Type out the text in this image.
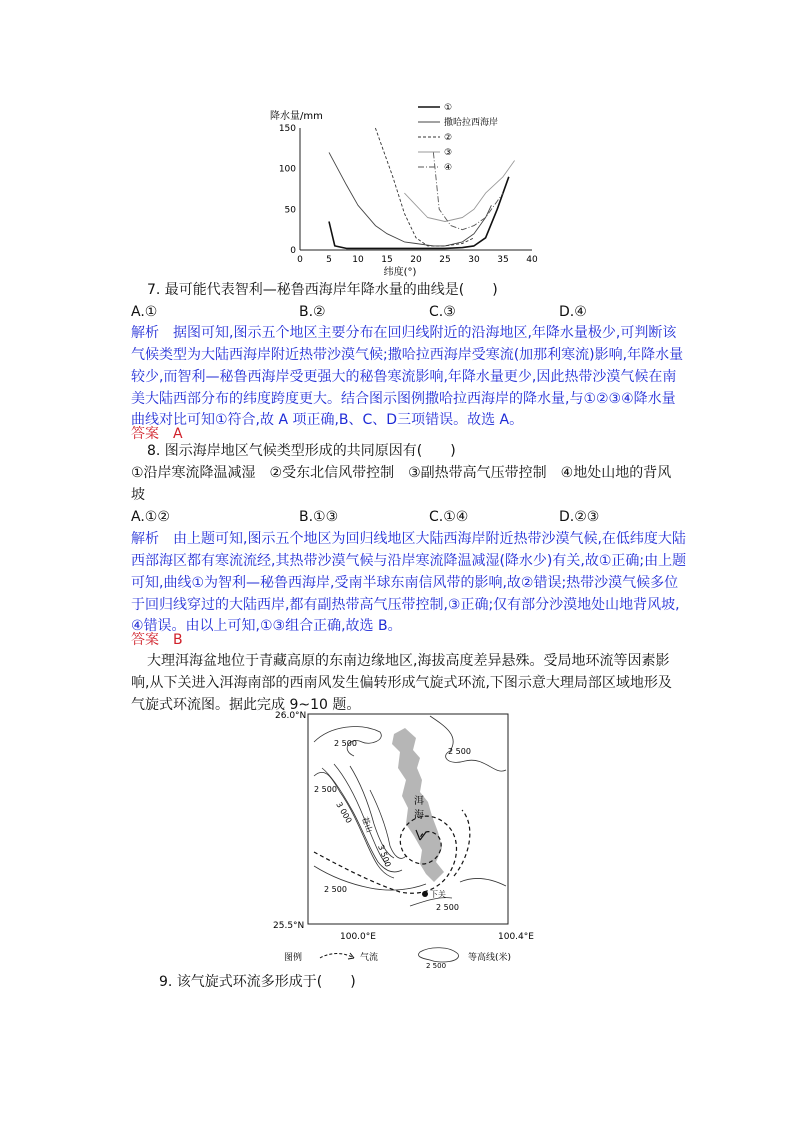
降水量/mm
0
50
100
150
0	5 10 15 20 25 30 35 40
纬度(°)
①
撒哈拉西海岸
②
③
④
7. 最可能代表智利—秘鲁西海岸年降水量的曲线是(　　)
A.①	B.②	C.③	D.④
解析　据图可知,图示五个地区主要分布在回归线附近的沿海地区,年降水量极少,可判断该
气候类型为大陆西海岸附近热带沙漠气候;撒哈拉西海岸受寒流(加那利寒流)影响,年降水量
较少,而智利—秘鲁西海岸受更强大的秘鲁寒流影响,年降水量更少,因此热带沙漠气候在南
美大陆西部分布的纬度跨度更大。结合图示图例撒哈拉西海岸的降水量,与①②③④降水量
曲线对比可知①符合,故 A 项正确,B、C、D三项错误。故选 A。
答案　A
8. 图示海岸地区气候类型形成的共同原因有(　　)
①沿岸寒流降温减湿　②受东北信风带控制　③副热带高气压带控制　④地处山地的背风
坡
A.①②	B.①③	C.①④	D.②③
解析　由上题可知,图示五个地区为回归线地区大陆西海岸附近热带沙漠气候,在低纬度大陆
西部海区都有寒流流经,其热带沙漠气候与沿岸寒流降温减湿(降水少)有关,故①正确;由上题
可知,曲线①为智利—秘鲁西海岸,受南半球东南信风带的影响,故②错误;热带沙漠气候多位
于回归线穿过的大陆西岸,都有副热带高气压带控制,③正确;仅有部分沙漠地处山地背风坡,
④错误。由以上可知,①③组合正确,故选 B。
答案　B
大理洱海盆地位于青藏高原的东南边缘地区,海拔高度差异悬殊。受局地环流等因素影
响,从下关进入洱海南部的西南风发生偏转形成气旋式环流,下图示意大理局部区域地形及
气旋式环流图。据此完成 9~10 题。
26.0°N
25.5°N
100.0°E	100.4°E
洱
海
2 500
2 500
2 500
3 000
3 500
2 500
2 500
苍山
下关
图例	气流
2 500
等高线(米)
9. 该气旋式环流多形成于(　　)
